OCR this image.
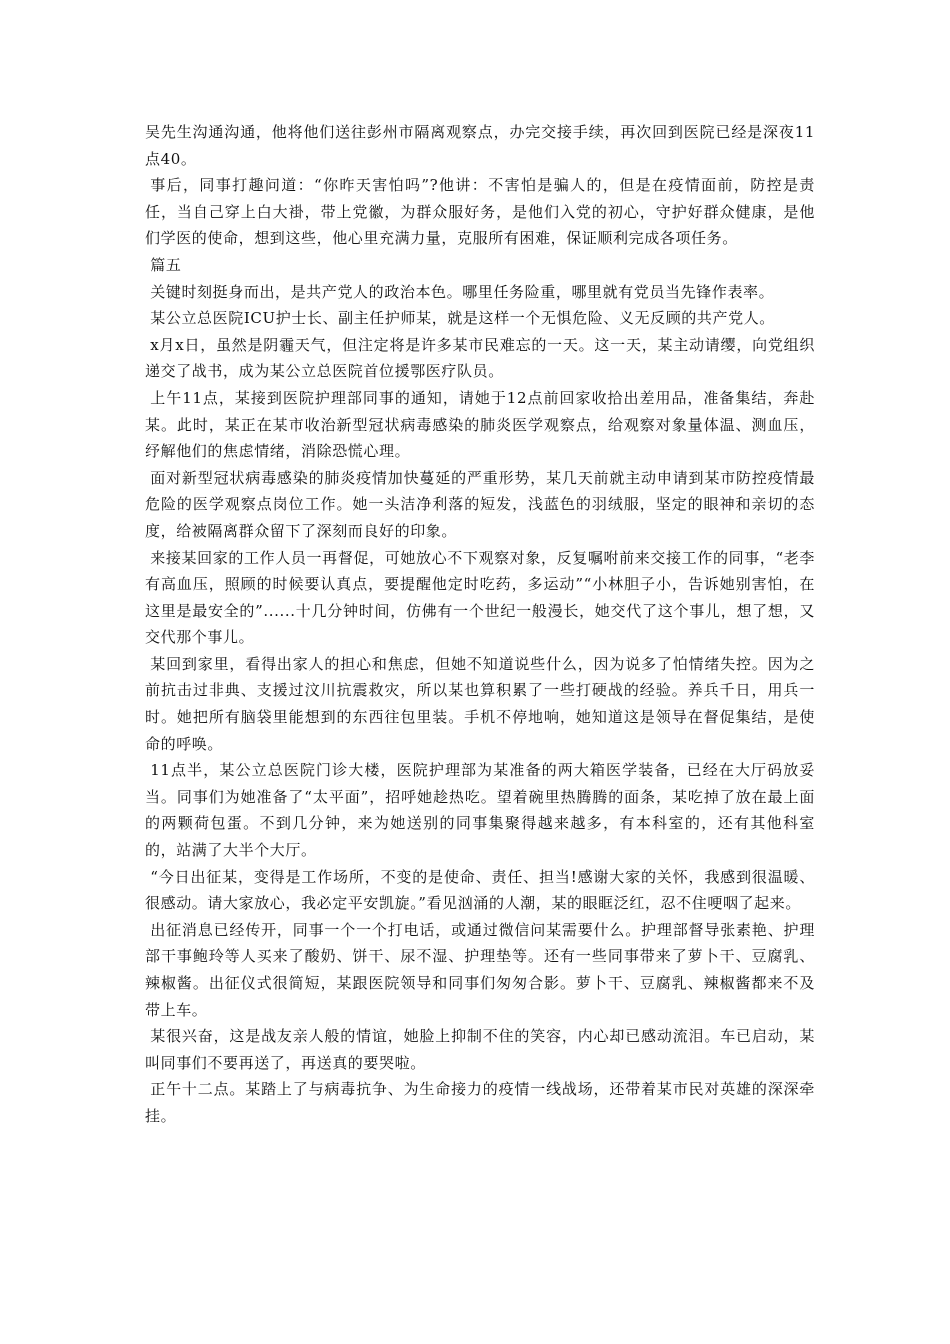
吴先生沟通沟通，他将他们送往彭州市隔离观察点，办完交接手续，再次回到医院已经是深夜11点40。

事后，同事打趣问道：“你昨天害怕吗”?他讲：不害怕是骗人的，但是在疫情面前，防控是责任，当自己穿上白大褂，带上党徽，为群众服好务，是他们入党的初心，守护好群众健康，是他们学医的使命，想到这些，他心里充满力量，克服所有困难，保证顺利完成各项任务。

篇五

关键时刻挺身而出，是共产党人的政治本色。哪里任务险重，哪里就有党员当先锋作表率。

某公立总医院ICU护士长、副主任护师某，就是这样一个无惧危险、义无反顾的共产党人。

x月x日，虽然是阴霾天气，但注定将是许多某市民难忘的一天。这一天，某主动请缨，向党组织递交了战书，成为某公立总医院首位援鄂医疗队员。

上午11点，某接到医院护理部同事的通知，请她于12点前回家收拾出差用品，准备集结，奔赴某。此时，某正在某市收治新型冠状病毒感染的肺炎医学观察点，给观察对象量体温、测血压，纾解他们的焦虑情绪，消除恐慌心理。

面对新型冠状病毒感染的肺炎疫情加快蔓延的严重形势，某几天前就主动申请到某市防控疫情最危险的医学观察点岗位工作。她一头洁净利落的短发，浅蓝色的羽绒服，坚定的眼神和亲切的态度，给被隔离群众留下了深刻而良好的印象。

来接某回家的工作人员一再督促，可她放心不下观察对象，反复嘱咐前来交接工作的同事，“老李有高血压，照顾的时候要认真点，要提醒他定时吃药，多运动”“小林胆子小，告诉她别害怕，在这里是最安全的”......十几分钟时间，仿佛有一个世纪一般漫长，她交代了这个事儿，想了想，又交代那个事儿。

某回到家里，看得出家人的担心和焦虑，但她不知道说些什么，因为说多了怕情绪失控。因为之前抗击过非典、支援过汶川抗震救灾，所以某也算积累了一些打硬战的经验。养兵千日，用兵一时。她把所有脑袋里能想到的东西往包里装。手机不停地响，她知道这是领导在督促集结，是使命的呼唤。

11点半，某公立总医院门诊大楼，医院护理部为某准备的两大箱医学装备，已经在大厅码放妥当。同事们为她准备了“太平面”，招呼她趁热吃。望着碗里热腾腾的面条，某吃掉了放在最上面的两颗荷包蛋。不到几分钟，来为她送别的同事集聚得越来越多，有本科室的，还有其他科室的，站满了大半个大厅。

“今日出征某，变得是工作场所，不变的是使命、责任、担当!感谢大家的关怀，我感到很温暖、很感动。请大家放心，我必定平安凯旋。”看见汹涌的人潮，某的眼眶泛红，忍不住哽咽了起来。

出征消息已经传开，同事一个一个打电话，或通过微信问某需要什么。护理部督导张素艳、护理部干事鲍玲等人买来了酸奶、饼干、尿不湿、护理垫等。还有一些同事带来了萝卜干、豆腐乳、辣椒酱。出征仪式很简短，某跟医院领导和同事们匆匆合影。萝卜干、豆腐乳、辣椒酱都来不及带上车。

某很兴奋，这是战友亲人般的情谊，她脸上抑制不住的笑容，内心却已感动流泪。车已启动，某叫同事们不要再送了，再送真的要哭啦。

正午十二点。某踏上了与病毒抗争、为生命接力的疫情一线战场，还带着某市民对英雄的深深牵挂。
